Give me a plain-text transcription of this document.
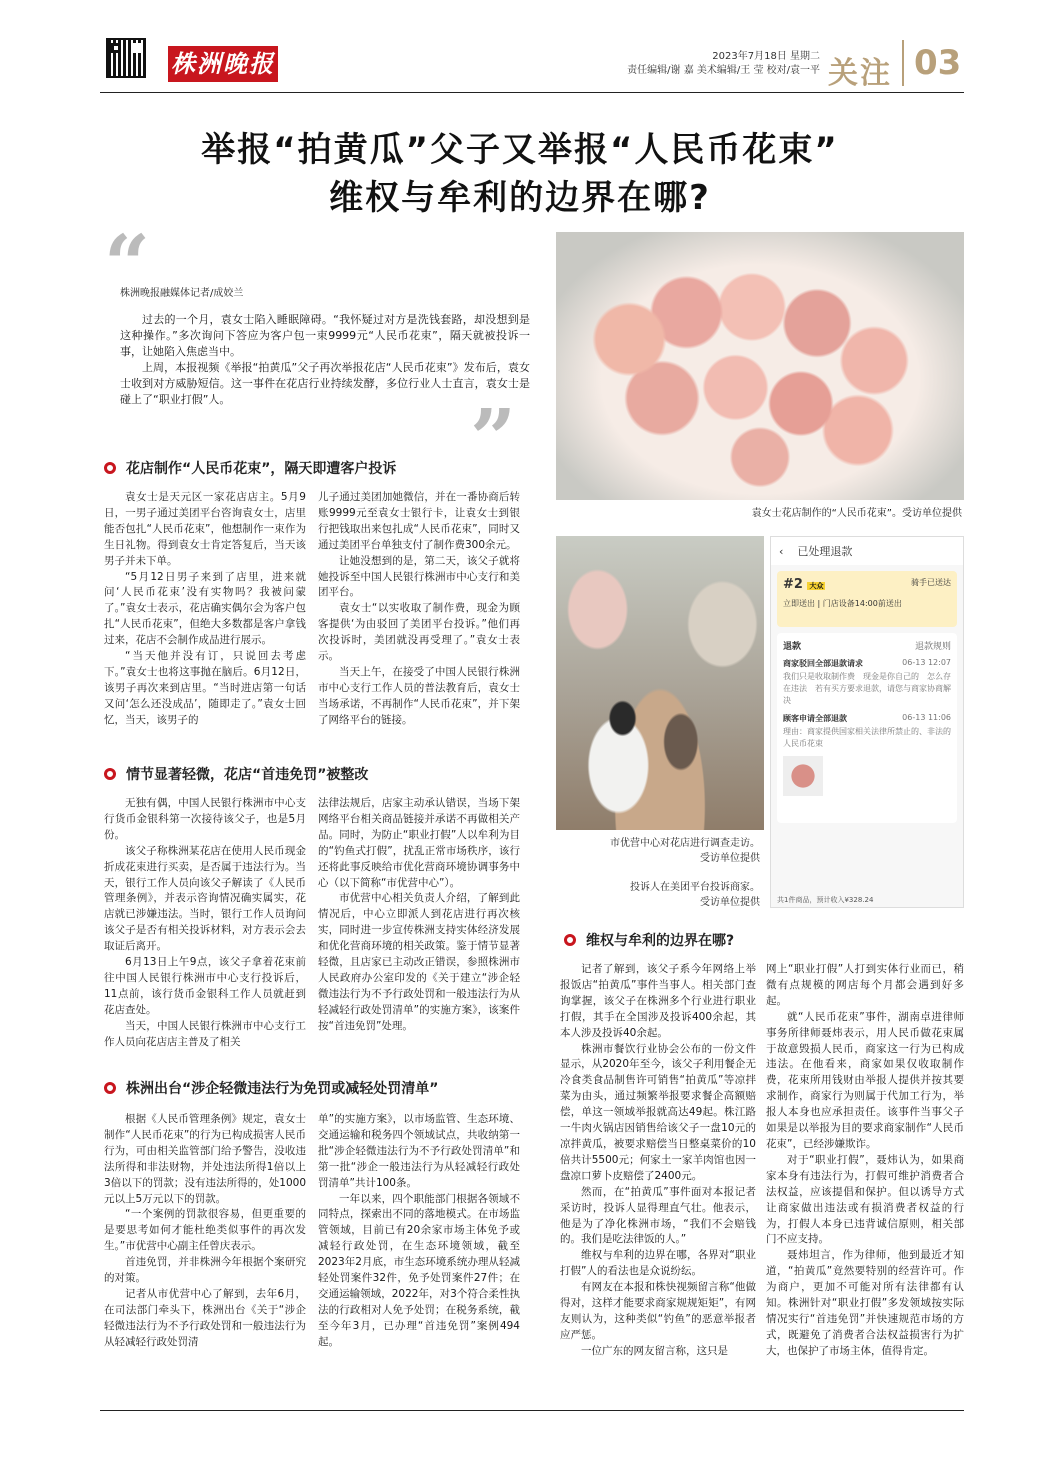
株洲晚报	2023年7月18日 星期二
责任编辑/谢 嘉 美术编辑/王 莹 校对/袁一平 关注 03
举报“拍黄瓜”父子又举报“人民币花束”
维权与牟利的边界在哪?
“
”
株洲晚报融媒体记者/成姣兰

过去的一个月，袁女士陷入睡眠障碍。“我怀疑过对方是洗钱套路，却没想到是这种操作。”多次询问下答应为客户包一束9999元“人民币花束”，隔天就被投诉一事，让她陷入焦虑当中。

上周，本报视频《举报“拍黄瓜”父子再次举报花店“人民币花束”》发布后，袁女士收到对方威胁短信。这一事件在花店行业持续发酵，多位行业人士直言，袁女士是碰上了“职业打假”人。

袁女士花店制作的“人民币花束”。受访单位提供
市优营中心对花店进行调查走访。
受访单位提供
投诉人在美团平台投诉商家。
受访单位提供
‹ 已处理退款
#2 大众	骑手已送达
立即送出 | 门店设备14:00前送出
退款	退款规则
商家驳回全部退款请求	06-13 12:07
我们只是收取制作费　现金是你自己的　怎么存在违法　若有买方要求退款，请您与商家协商解决
顾客申请全部退款	06-13 11:06
理由：商家提供国家相关法律所禁止的、非法的人民币花束
共1件商品，预计收入¥328.24
花店制作“人民币花束”，隔天即遭客户投诉

袁女士是天元区一家花店店主。5月9日，一男子通过美团平台咨询袁女士，店里能否包扎“人民币花束”，他想制作一束作为生日礼物。得到袁女士肯定答复后，当天该男子并未下单。

“5月12日男子来到了店里，进来就问‘人民币花束’没有实物吗？我被问蒙了。”袁女士表示，花店确实偶尔会为客户包扎“人民币花束”，但绝大多数都是客户拿钱过来，花店不会制作成品进行展示。

“当天他并没有订，只说回去考虑下。”袁女士也将这事抛在脑后。6月12日，该男子再次来到店里。“当时进店第一句话又问‘怎么还没成品’，随即走了。”袁女士回忆，当天，该男子的

儿子通过美团加她微信，并在一番协商后转账9999元至袁女士银行卡，让袁女士到银行把钱取出来包扎成“人民币花束”，同时又通过美团平台单独支付了制作费300余元。

让她没想到的是，第二天，该父子就将她投诉至中国人民银行株洲市中心支行和美团平台。

袁女士“以实收取了制作费，现金为顾客提供‘为由驳回了美团平台投诉。”他们再次投诉时，美团就没再受理了。”袁女士表示。

当天上午，在接受了中国人民银行株洲市中心支行工作人员的普法教育后，袁女士当场承诺，不再制作“人民币花束”，并下架了网络平台的链接。

情节显著轻微，花店“首违免罚”被整改

无独有偶，中国人民银行株洲市中心支行货币金银科第一次接待该父子，也是5月份。

该父子称株洲某花店在使用人民币现金折成花束进行买卖，是否属于违法行为。当天，银行工作人员向该父子解读了《人民币管理条例》，并表示咨询情况确实属实，花店就已涉嫌违法。当时，银行工作人员询问该父子是否有相关投诉材料，对方表示会去取证后离开。

6月13日上午9点，该父子拿着花束前往中国人民银行株洲市中心支行投诉后，11点前，该行货币金银科工作人员就赶到花店查处。

当天，中国人民银行株洲市中心支行工作人员向花店店主普及了相关

法律法规后，店家主动承认错误，当场下架网络平台相关商品链接并承诺不再做相关产品。同时，为防止“职业打假”人以牟利为目的“钓鱼式打假”，扰乱正常市场秩序，该行还将此事反映给市优化营商环境协调事务中心（以下简称“市优营中心”）。

市优营中心相关负责人介绍，了解到此情况后，中心立即派人到花店进行再次核实，同时进一步宣传株洲支持实体经济发展和优化营商环境的相关政策。鉴于情节显著轻微，且店家已主动改正错误，参照株洲市人民政府办公室印发的《关于建立“涉企轻微违法行为不予行政处罚和一般违法行为从轻减轻行政处罚清单”的实施方案》，该案件按“首违免罚”处理。

株洲出台“涉企轻微违法行为免罚或减轻处罚清单”

根据《人民币管理条例》规定，袁女士制作“人民币花束”的行为已构成损害人民币行为，可由相关监管部门给予警告，没收违法所得和非法财物，并处违法所得1倍以上3倍以下的罚款；没有违法所得的，处1000元以上5万元以下的罚款。

“一个案例的罚款很容易，但更重要的是要思考如何才能杜绝类似事件的再次发生。”市优营中心副主任曾庆表示。

首违免罚，并非株洲今年根据个案研究的对策。

记者从市优营中心了解到，去年6月，在司法部门牵头下，株洲出台《关于“涉企轻微违法行为不予行政处罚和一般违法行为从轻减轻行政处罚清

单”的实施方案》，以市场监管、生态环境、交通运输和税务四个领域试点，共收纳第一批“涉企轻微违法行为不予行政处罚清单”和第一批“涉企一般违法行为从轻减轻行政处罚清单”共计100条。

一年以来，四个职能部门根据各领域不同特点，探索出不同的落地模式。在市场监管领域，目前已有20余家市场主体免予或减轻行政处罚，在生态环境领域，截至2023年2月底，市生态环境系统办理从轻减轻处罚案件32件，免予处罚案件27件；在交通运输领域，2022年，对3个符合柔性执法的行政相对人免予处罚；在税务系统，截至今年3月，已办理“首违免罚”案例494起。

维权与牟利的边界在哪?

记者了解到，该父子系今年网络上举报饭店“拍黄瓜”事件当事人。相关部门查询掌握，该父子在株洲多个行业进行职业打假，其手在全国涉及投诉400余起，其本人涉及投诉40余起。

株洲市餐饮行业协会公布的一份文件显示，从2020年至今，该父子利用餐企无冷食类食品制售许可销售“拍黄瓜”等凉拌菜为由头，通过频繁举报要求餐企高额赔偿，单这一领域举报就高达49起。株江路一牛肉火锅店因销售给该父子一盘10元的凉拌黄瓜，被要求赔偿当日整桌菜价的10倍共计5500元；何家土一家羊肉馆也因一盘凉口萝卜皮赔偿了2400元。

然而，在“拍黄瓜”事件面对本报记者采访时，投诉人显得理直气壮。他表示，他是为了净化株洲市场，“我们不会赔钱的。我们是吃法律饭的人。”

维权与牟利的边界在哪，各界对“职业打假”人的看法也是众说纷纭。

有网友在本报和株快视频留言称“他做得对，这样才能要求商家规规矩矩”，有网友则认为，这种类似“钓鱼”的恶意举报者应严惩。

一位广东的网友留言称，这只是

网上“职业打假”人打到实体行业而已，稍微有点规模的网店每个月都会遇到好多起。

就“人民币花束”事件，湖南卓进律师事务所律师聂炜表示，用人民币做花束属于故意毁损人民币，商家这一行为已构成违法。在他看来，商家如果仅收取制作费，花束所用钱财由举报人提供并按其要求制作，商家行为则属于代加工行为，举报人本身也应承担责任。该事件当事父子如果是以举报为目的要求商家制作“人民币花束”，已经涉嫌欺诈。

对于“职业打假”，聂炜认为，如果商家本身有违法行为，打假可维护消费者合法权益，应该提倡和保护。但以诱导方式让商家做出违法或有损消费者权益的行为，打假人本身已违背诚信原则，相关部门不应支持。

聂炜坦言，作为律师，他到最近才知道，“拍黄瓜”竟然要特别的经营许可。作为商户，更加不可能对所有法律都有认知。株洲针对“职业打假”多发领域按实际情况实行“首违免罚”并快速规范市场的方式，既避免了消费者合法权益损害行为扩大，也保护了市场主体，值得肯定。
